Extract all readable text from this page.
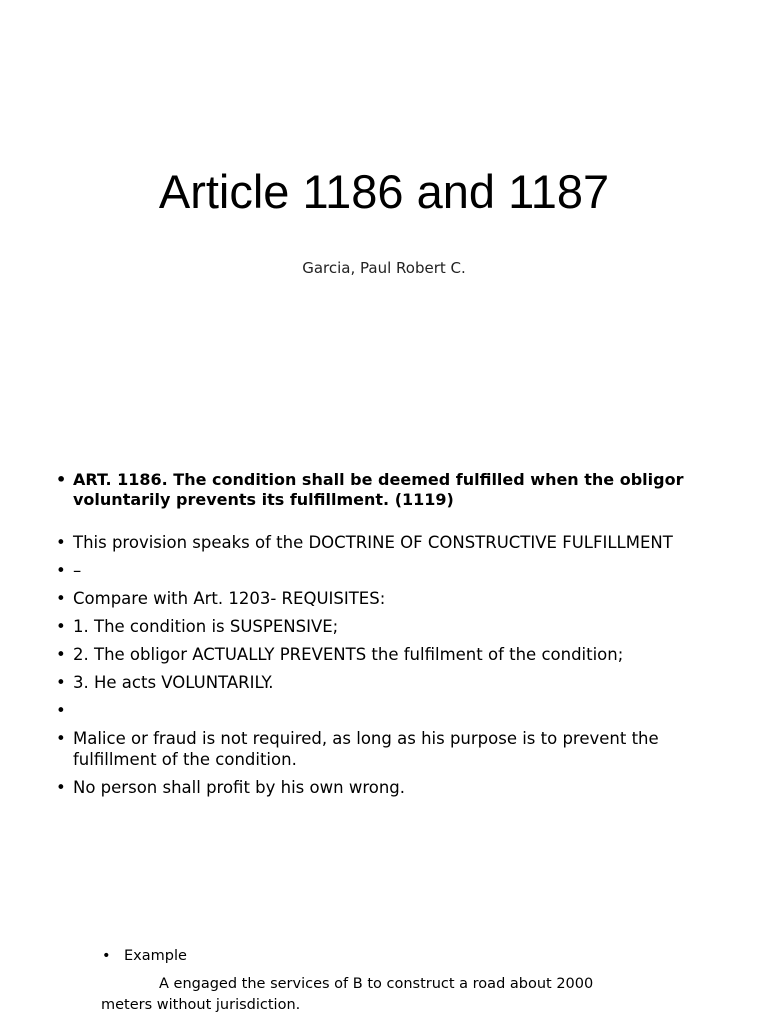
Article 1186 and 1187
Garcia, Paul Robert C.
• ART. 1186. The condition shall be deemed fulfilled when the obligor voluntarily prevents its fulfillment. (1119)
• This provision speaks of the DOCTRINE OF CONSTRUCTIVE FULFILLMENT
• –
• Compare with Art. 1203- REQUISITES:
• 1. The condition is SUSPENSIVE;
• 2. The obligor ACTUALLY PREVENTS the fulfilment of the condition;
• 3. He acts VOLUNTARILY.
•

• Malice or fraud is not required, as long as his purpose is to prevent the fulfillment of the condition.
• No person shall profit by his own wrong.
• Example
A engaged the services of B to construct a road about 2000
meters without jurisdiction.
